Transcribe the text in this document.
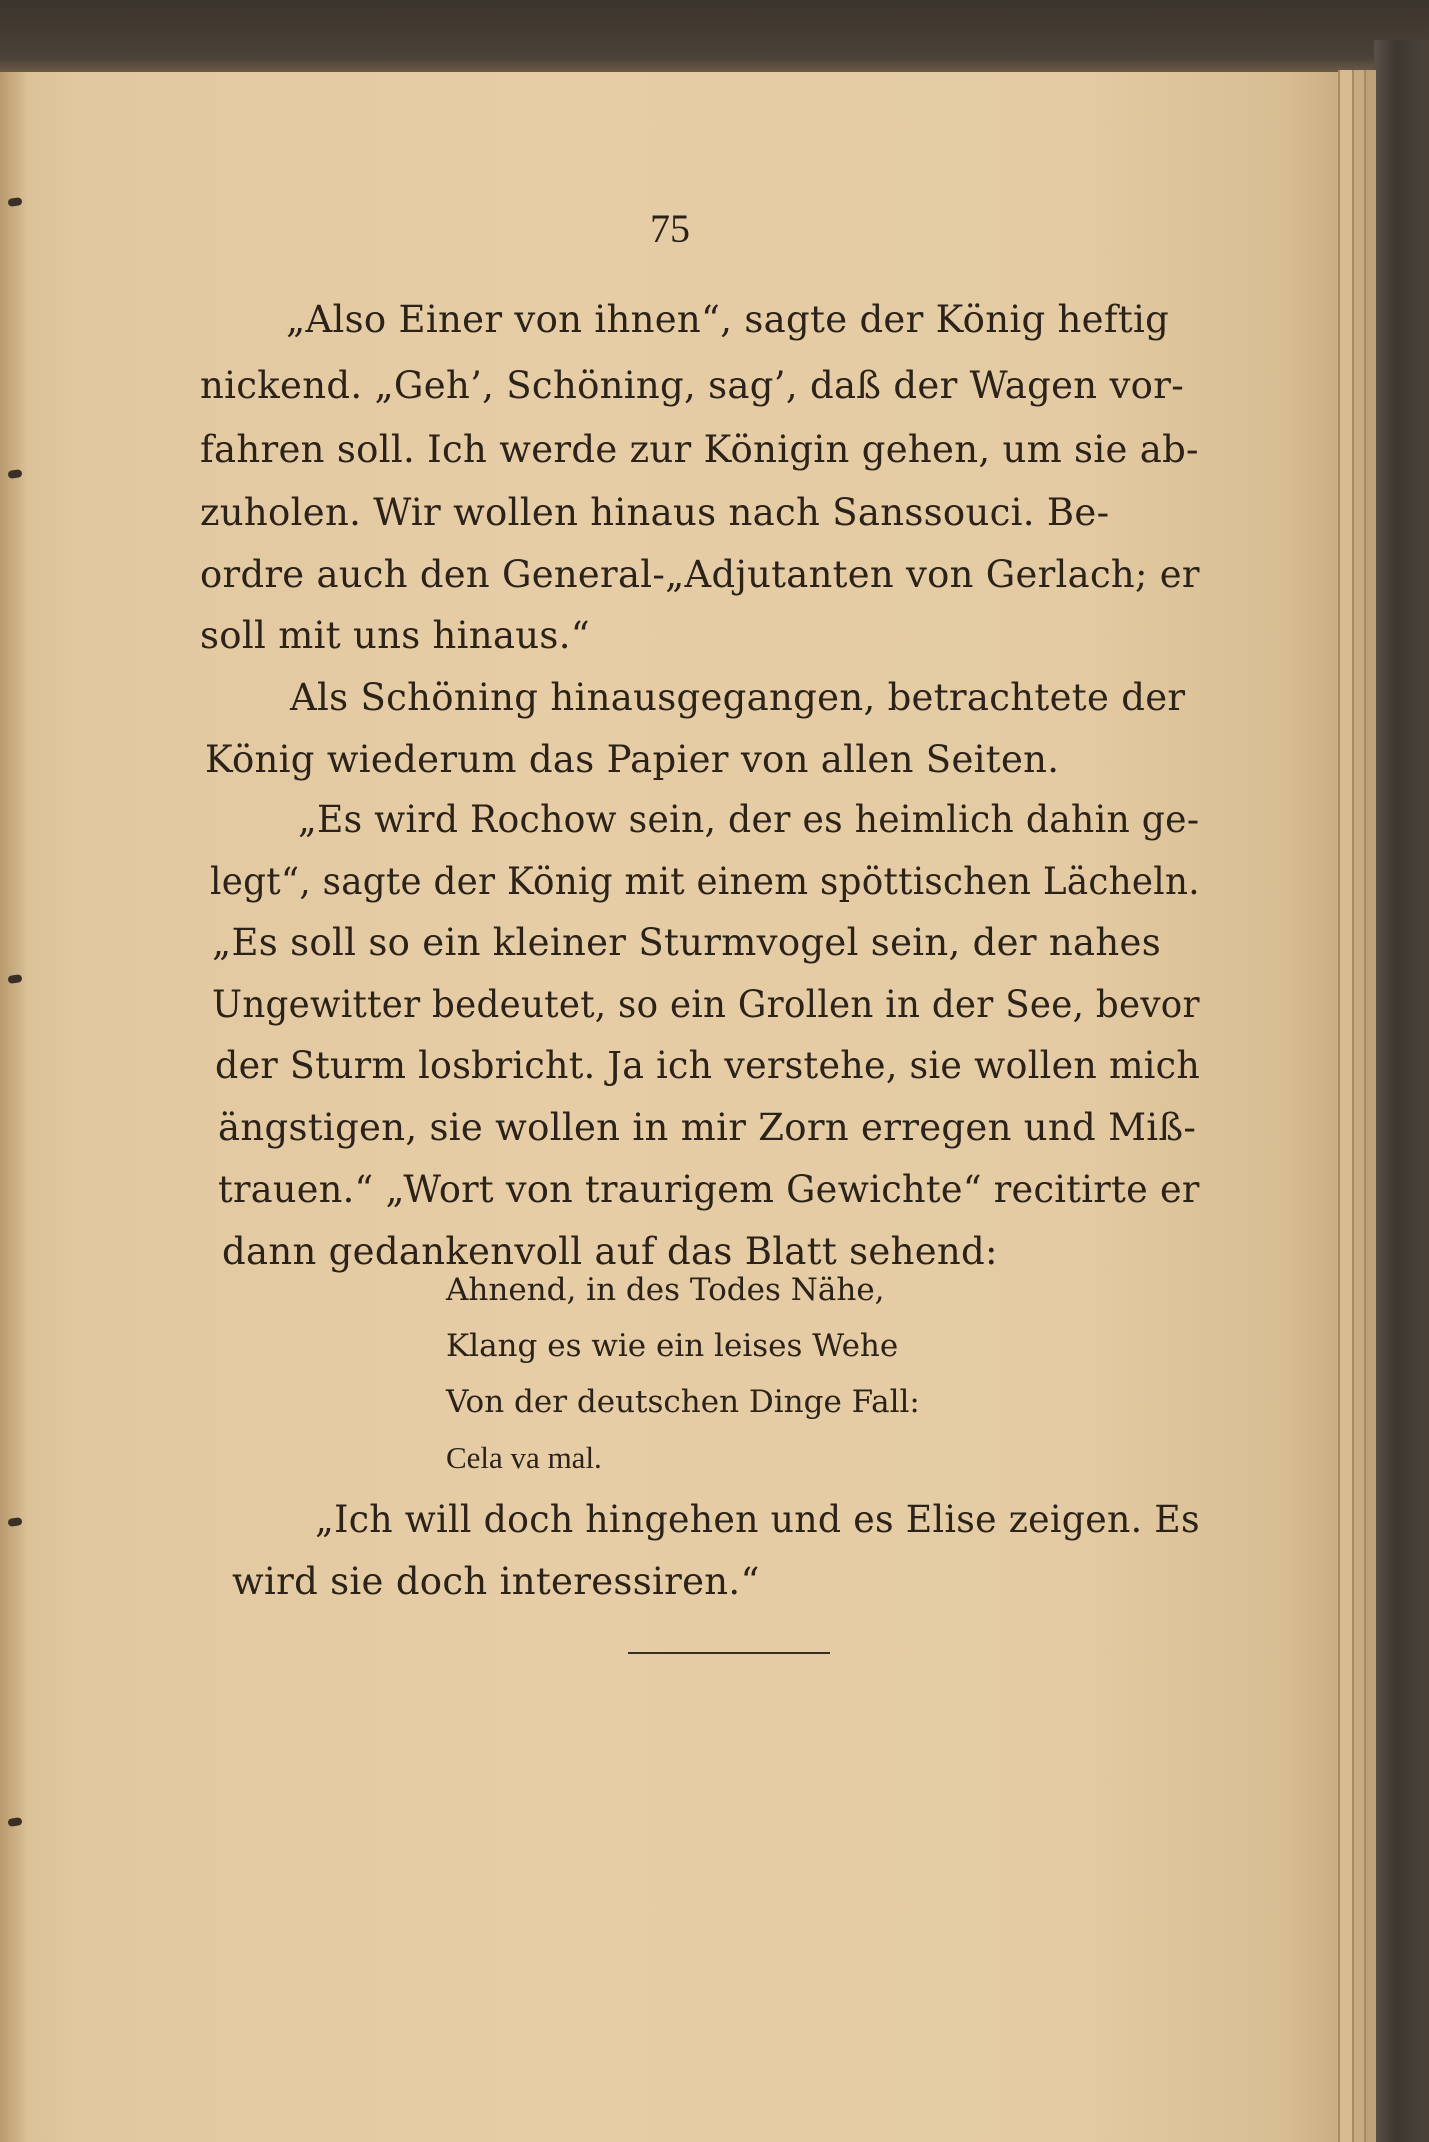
75
„Also Einer von ihnen“, sagte der König heftig
nickend. „Geh’, Schöning, sag’, daß der Wagen vor-
fahren soll. Ich werde zur Königin gehen, um sie ab-
zuholen. Wir wollen hinaus nach Sanssouci. Be-
ordre auch den General-„Adjutanten von Gerlach; er
soll mit uns hinaus.“
Als Schöning hinausgegangen, betrachtete der
König wiederum das Papier von allen Seiten.
„Es wird Rochow sein, der es heimlich dahin ge-
legt“, sagte der König mit einem spöttischen Lächeln.
„Es soll so ein kleiner Sturmvogel sein, der nahes
Ungewitter bedeutet, so ein Grollen in der See, bevor
der Sturm losbricht. Ja ich verstehe, sie wollen mich
ängstigen, sie wollen in mir Zorn erregen und Miß-
trauen.“ „Wort von traurigem Gewichte“ recitirte er
dann gedankenvoll auf das Blatt sehend:
Ahnend, in des Todes Nähe,
Klang es wie ein leises Wehe
Von der deutschen Dinge Fall:
Cela va mal.
„Ich will doch hingehen und es Elise zeigen. Es
wird sie doch interessiren.“
